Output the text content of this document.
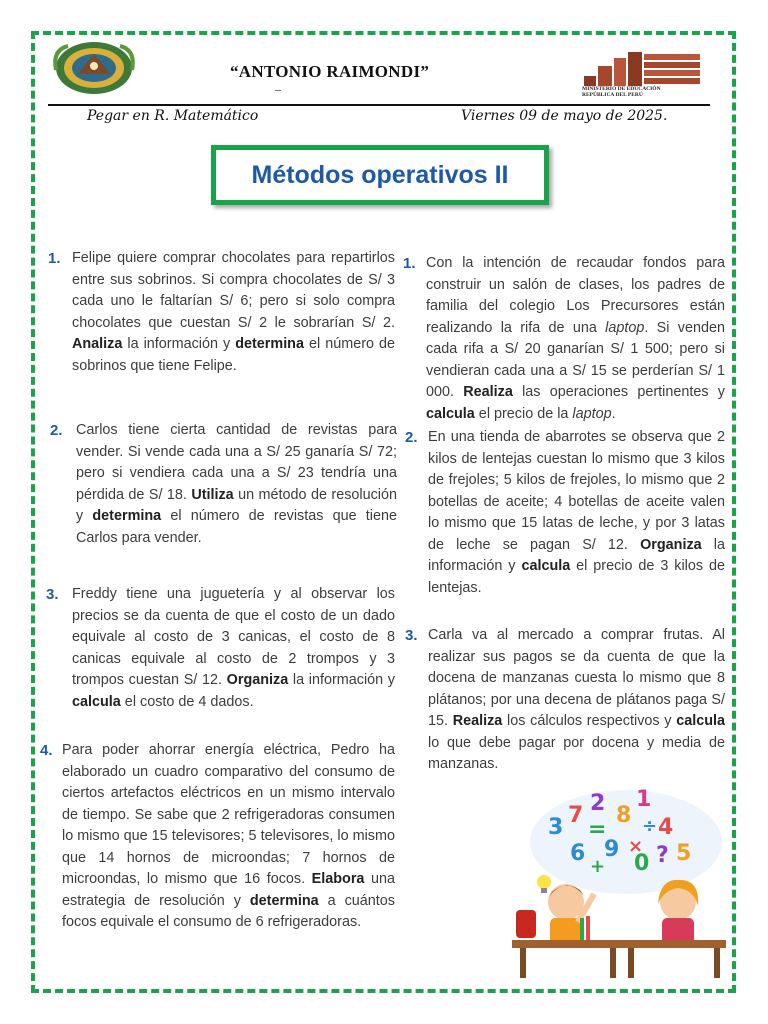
“ANTONIO RAIMONDI”
–	MINISTERIO DE EDUCACIÓN
REPÚBLICA DEL PERÚ
Pegar en R. Matemático	Viernes 09 de mayo de 2025.
Métodos operativos II
1. Felipe quiere comprar chocolates para repartirlos entre sus sobrinos. Si compra chocolates de S/ 3 cada uno le faltarían S/ 6; pero si solo compra chocolates que cuestan S/ 2 le sobrarían S/ 2. Analiza la información y determina el número de sobrinos que tiene Felipe.
2. Carlos tiene cierta cantidad de revistas para vender. Si vende cada una a S/ 25 ganaría S/ 72; pero si vendiera cada una a S/ 23 tendría una pérdida de S/ 18. Utiliza un método de resolución y determina el número de revistas que tiene Carlos para vender.
3. Freddy tiene una juguetería y al observar los precios se da cuenta de que el costo de un dado equivale al costo de 3 canicas, el costo de 8 canicas equivale al costo de 2 trompos y 3 trompos cuestan S/ 12. Organiza la información y calcula el costo de 4 dados.
4. Para poder ahorrar energía eléctrica, Pedro ha elaborado un cuadro comparativo del consumo de ciertos artefactos eléctricos en un mismo intervalo de tiempo. Se sabe que 2 refrigeradoras consumen lo mismo que 15 televisores; 5 televisores, lo mismo que 14 hornos de microondas; 7 hornos de microondas, lo mismo que 16 focos. Elabora una estrategia de resolución y determina a cuántos focos equivale el consumo de 6 refrigeradoras.
1. Con la intención de recaudar fondos para construir un salón de clases, los padres de familia del colegio Los Precursores están realizando la rifa de una laptop. Si venden cada rifa a S/ 20 ganarían S/ 1 500; pero si vendieran cada una a S/ 15 se perderían S/ 1 000. Realiza las operaciones pertinentes y calcula el precio de la laptop.
2. En una tienda de abarrotes se observa que 2 kilos de lentejas cuestan lo mismo que 3 kilos de frejoles; 5 kilos de frejoles, lo mismo que 2 botellas de aceite; 4 botellas de aceite valen lo mismo que 15 latas de leche, y por 3 latas de leche se pagan S/ 12. Organiza la información y calcula el precio de 3 kilos de lentejas.
3. Carla va al mercado a comprar frutas. Al realizar sus pagos se da cuenta de que la docena de manzanas cuesta lo mismo que 8 plátanos; por una decena de plátanos paga S/ 15. Realiza los cálculos respectivos y calcula lo que debe pagar por docena y media de manzanas.
3 7 2 8
1
= ÷ 4
6 9 ×
+ 0 ? 5
